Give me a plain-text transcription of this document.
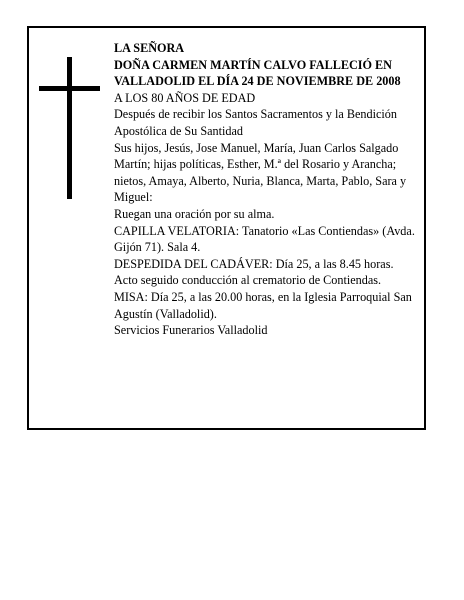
LA SEÑORA

DOÑA CARMEN MARTÍN CALVO FALLECIÓ EN VALLADOLID EL DÍA 24 DE NOVIEMBRE DE 2008

A LOS 80 AÑOS DE EDAD

Después de recibir los Santos Sacramentos y la Bendición Apostólica de Su Santidad

Sus hijos, Jesús, Jose Manuel, María, Juan Carlos Salgado Martín; hijas políticas, Esther, M.ª del Rosario y Arancha; nietos, Amaya, Alberto, Nuria, Blanca, Marta, Pablo, Sara y Miguel:

Ruegan una oración por su alma.

CAPILLA VELATORIA: Tanatorio «Las Contiendas» (Avda. Gijón 71). Sala 4.

DESPEDIDA DEL CADÁVER: Día 25, a las 8.45 horas. Acto seguido conducción al crematorio de Contiendas.

MISA: Día 25, a las 20.00 horas, en la Iglesia Parroquial San Agustín (Valladolid).

Servicios Funerarios Valladolid
